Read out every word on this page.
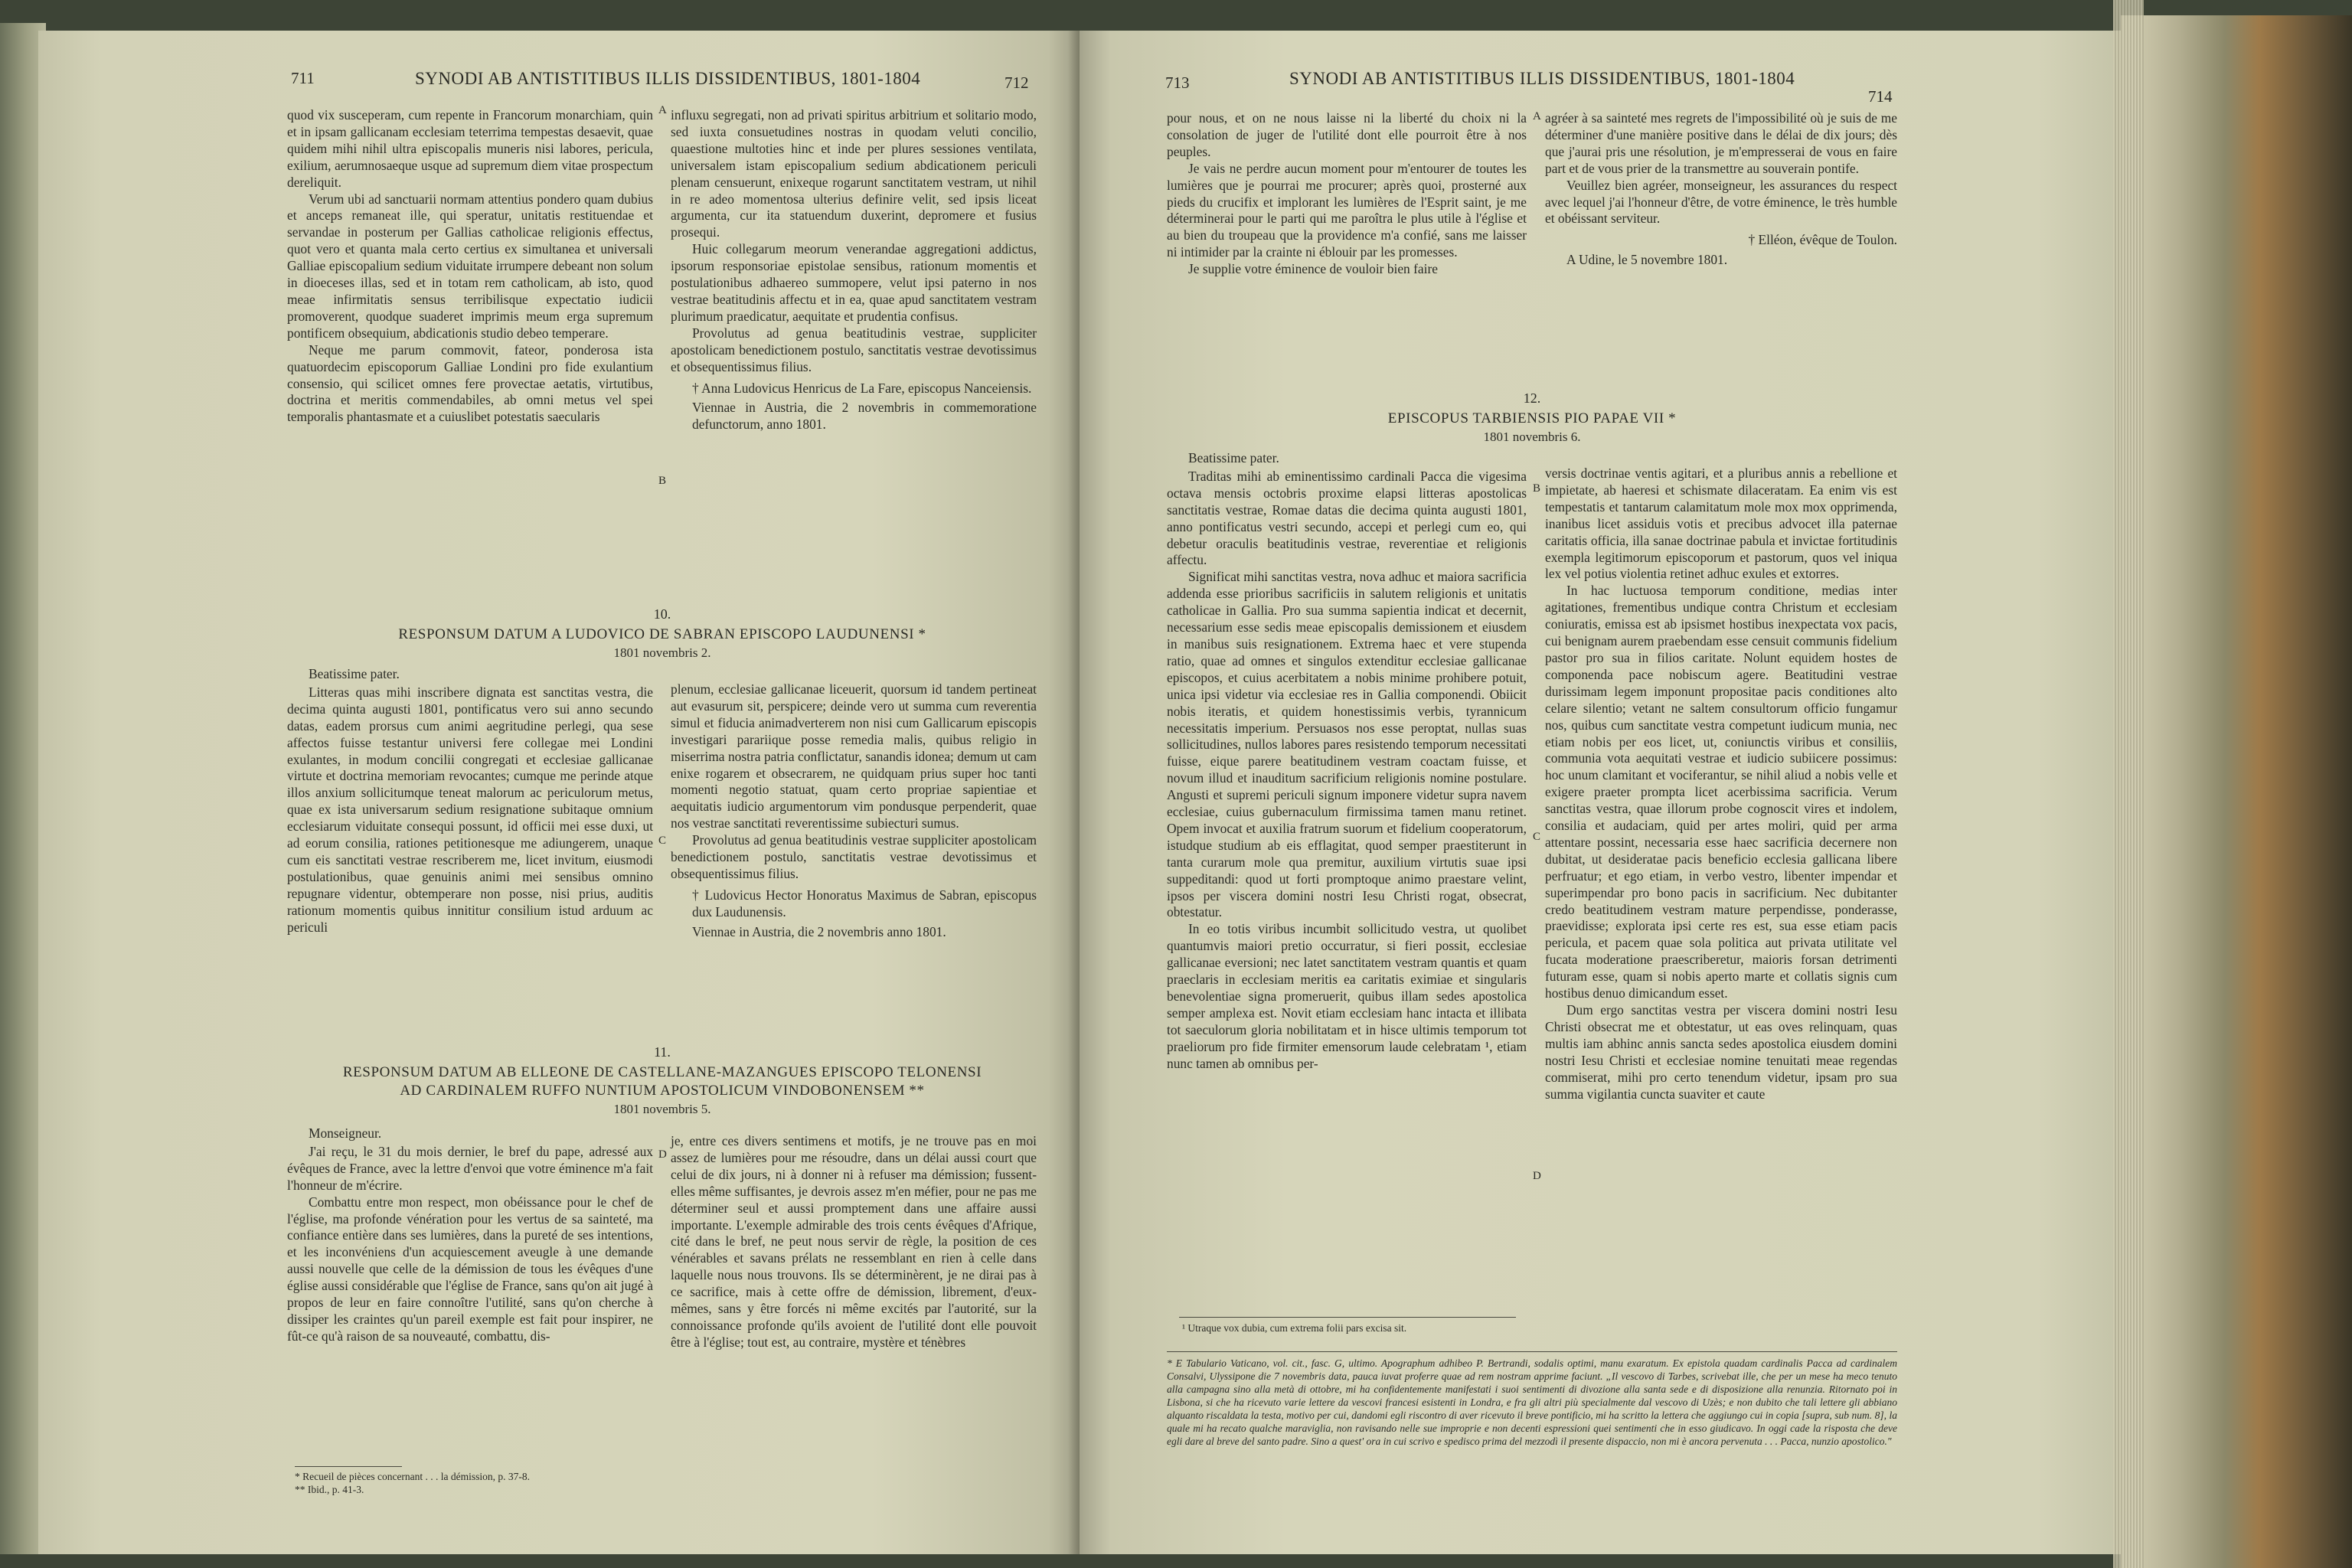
711	SYNODI AB ANTISTITIBUS ILLIS DISSIDENTIBUS, 1801-1804	712

quod vix susceperam, cum repente in Francorum monarchiam, quin et in ipsam gallicanam ecclesiam teterrima tempestas desaevit, quae quidem mihi nihil ultra episcopalis muneris nisi labores, pericula, exilium, aerumnosaeque usque ad supremum diem vitae prospectum dereliquit.

Verum ubi ad sanctuarii normam attentius pondero quam dubius et anceps remaneat ille, qui speratur, unitatis restituendae et servandae in posterum per Gallias catholicae religionis effectus, quot vero et quanta mala certo certius ex simultanea et universali Galliae episcopalium sedium viduitate irrumpere debeant non solum in dioeceses illas, sed et in totam rem catholicam, ab isto, quod meae infirmitatis sensus terribilisque expectatio iudicii promoverent, quodque suaderet imprimis meum erga supremum pontificem obsequium, abdicationis studio debeo temperare.

Neque me parum commovit, fateor, ponderosa ista quatuordecim episcoporum Galliae Londini pro fide exulantium consensio, qui scilicet omnes fere provectae aetatis, virtutibus, doctrina et meritis commendabiles, ab omni metus vel spei temporalis phantasmate et a cuiuslibet potestatis saecularis

A
B

influxu segregati, non ad privati spiritus arbitrium et solitario modo, sed iuxta consuetudines nostras in quodam veluti concilio, quaestione multoties hinc et inde per plures sessiones ventilata, universalem istam episcopalium sedium abdicationem periculi plenam censuerunt, enixeque rogarunt sanctitatem vestram, ut nihil in re adeo momentosa ulterius definire velit, sed ipsis liceat argumenta, cur ita statuendum duxerint, depromere et fusius prosequi.

Huic collegarum meorum venerandae aggregationi addictus, ipsorum responsoriae epistolae sensibus, rationum momentis et postulationibus adhaereo summopere, velut ipsi paterno in nos vestrae beatitudinis affectu et in ea, quae apud sanctitatem vestram plurimum praedicatur, aequitate et prudentia confisus.

Provolutus ad genua beatitudinis vestrae, suppliciter apostolicam benedictionem postulo, sanctitatis vestrae devotissimus et obsequentissimus filius.

† Anna Ludovicus Henricus de La Fare, episcopus Nanceiensis.

Viennae in Austria, die 2 novembris in commemoratione defunctorum, anno 1801.

10.
RESPONSUM DATUM A LUDOVICO DE SABRAN EPISCOPO LAUDUNENSI *
1801 novembris 2.

Beatissime pater.

Litteras quas mihi inscribere dignata est sanctitas vestra, die decima quinta augusti 1801, pontificatus vero sui anno secundo datas, eadem prorsus cum animi aegritudine perlegi, qua sese affectos fuisse testantur universi fere collegae mei Londini exulantes, in modum concilii congregati et ecclesiae gallicanae virtute et doctrina memoriam revocantes; cumque me perinde atque illos anxium sollicitumque teneat malorum ac periculorum metus, quae ex ista universarum sedium resignatione subitaque omnium ecclesiarum viduitate consequi possunt, id officii mei esse duxi, ut ad eorum consilia, rationes petitionesque me adiungerem, unaque cum eis sanctitati vestrae rescriberem me, licet invitum, eiusmodi postulationibus, quae genuinis animi mei sensibus omnino repugnare videntur, obtemperare non posse, nisi prius, auditis rationum momentis quibus innititur consilium istud arduum ac periculi

C

plenum, ecclesiae gallicanae liceuerit, quorsum id tandem pertineat aut evasurum sit, perspicere; deinde vero ut summa cum reverentia simul et fiducia animadverterem non nisi cum Gallicarum episcopis investigari parariique posse remedia malis, quibus religio in miserrima nostra patria conflictatur, sanandis idonea; demum ut cam enixe rogarem et obsecrarem, ne quidquam prius super hoc tanti momenti negotio statuat, quam certo propriae sapientiae et aequitatis iudicio argumentorum vim pondusque perpenderit, quae nos vestrae sanctitati reverentissime subiecturi sumus.

Provolutus ad genua beatitudinis vestrae suppliciter apostolicam benedictionem postulo, sanctitatis vestrae devotissimus et obsequentissimus filius.

† Ludovicus Hector Honoratus Maximus de Sabran, episcopus dux Laudunensis.

Viennae in Austria, die 2 novembris anno 1801.

11.
RESPONSUM DATUM AB ELLEONE DE CASTELLANE-MAZANGUES EPISCOPO TELONENSI
AD CARDINALEM RUFFO NUNTIUM APOSTOLICUM VINDOBONENSEM **
1801 novembris 5.

Monseigneur.

J'ai reçu, le 31 du mois dernier, le bref du pape, adressé aux évêques de France, avec la lettre d'envoi que votre éminence m'a fait l'honneur de m'écrire.

Combattu entre mon respect, mon obéissance pour le chef de l'église, ma profonde vénération pour les vertus de sa sainteté, ma confiance entière dans ses lumières, dans la pureté de ses intentions, et les inconvéniens d'un acquiescement aveugle à une demande aussi nouvelle que celle de la démission de tous les évêques d'une église aussi considérable que l'église de France, sans qu'on ait jugé à propos de leur en faire connoître l'utilité, sans qu'on cherche à dissiper les craintes qu'un pareil exemple est fait pour inspirer, ne fût-ce qu'à raison de sa nouveauté, combattu, dis-

D

je, entre ces divers sentimens et motifs, je ne trouve pas en moi assez de lumières pour me résoudre, dans un délai aussi court que celui de dix jours, ni à donner ni à refuser ma démission; fussent-elles même suffisantes, je devrois assez m'en méfier, pour ne pas me déterminer seul et aussi promptement dans une affaire aussi importante. L'exemple admirable des trois cents évêques d'Afrique, cité dans le bref, ne peut nous servir de règle, la position de ces vénérables et savans prélats ne ressemblant en rien à celle dans laquelle nous nous trouvons. Ils se déterminèrent, je ne dirai pas à ce sacrifice, mais à cette offre de démission, librement, d'eux-mêmes, sans y être forcés ni même excités par l'autorité, sur la connoissance profonde qu'ils avoient de l'utilité dont elle pouvoit être à l'église; tout est, au contraire, mystère et ténèbres

* Recueil de pièces concernant . . . la démission, p. 37-8.
** Ibid., p. 41-3.
713	SYNODI AB ANTISTITIBUS ILLIS DISSIDENTIBUS, 1801-1804
714

pour nous, et on ne nous laisse ni la liberté du choix ni la consolation de juger de l'utilité dont elle pourroit être à nos peuples.

Je vais ne perdre aucun moment pour m'entourer de toutes les lumières que je pourrai me procurer; après quoi, prosterné aux pieds du crucifix et implorant les lumières de l'Esprit saint, je me déterminerai pour le parti qui me paroîtra le plus utile à l'église et au bien du troupeau que la providence m'a confié, sans me laisser ni intimider par la crainte ni éblouir par les promesses.

Je supplie votre éminence de vouloir bien faire

A agréer à sa sainteté mes regrets de l'impossibilité où je suis de me déterminer d'une manière positive dans le délai de dix jours; dès que j'aurai pris une résolution, je m'empresserai de vous en faire part et de vous prier de la transmettre au souverain pontife.

Veuillez bien agréer, monseigneur, les assurances du respect avec lequel j'ai l'honneur d'être, de votre éminence, le très humble et obéissant serviteur.

† Elléon, évêque de Toulon.

A Udine, le 5 novembre 1801.

12.
EPISCOPUS TARBIENSIS PIO PAPAE VII *
1801 novembris 6.

Beatissime pater.

Traditas mihi ab eminentissimo cardinali Pacca die vigesima octava mensis octobris proxime elapsi litteras apostolicas sanctitatis vestrae, Romae datas die decima quinta augusti 1801, anno pontificatus vestri secundo, accepi et perlegi cum eo, qui debetur oraculis beatitudinis vestrae, reverentiae et religionis affectu.

Significat mihi sanctitas vestra, nova adhuc et maiora sacrificia addenda esse prioribus sacrificiis in salutem religionis et unitatis catholicae in Gallia. Pro sua summa sapientia indicat et decernit, necessarium esse sedis meae episcopalis demissionem et eiusdem in manibus suis resignationem. Extrema haec et vere stupenda ratio, quae ad omnes et singulos extenditur ecclesiae gallicanae episcopos, et cuius acerbitatem a nobis minime prohibere potuit, unica ipsi videtur via ecclesiae res in Gallia componendi. Obiicit nobis iteratis, et quidem honestissimis verbis, tyrannicum necessitatis imperium. Persuasos nos esse peroptat, nullas suas sollicitudines, nullos labores pares resistendo temporum necessitati fuisse, eique parere beatitudinem vestram coactam fuisse, et novum illud et inauditum sacrificium religionis nomine postulare. Angusti et supremi periculi signum imponere videtur supra navem ecclesiae, cuius gubernaculum firmissima tamen manu retinet. Opem invocat et auxilia fratrum suorum et fidelium cooperatorum, istudque studium ab eis efflagitat, quod semper praestiterunt in tanta curarum mole qua premitur, auxilium virtutis suae ipsi suppeditandi: quod ut forti promptoque animo praestare velint, ipsos per viscera domini nostri Iesu Christi rogat, obsecrat, obtestatur.

In eo totis viribus incumbit sollicitudo vestra, ut quolibet quantumvis maiori pretio occurratur, si fieri possit, ecclesiae gallicanae eversioni; nec latet sanctitatem vestram quantis et quam praeclaris in ecclesiam meritis ea caritatis eximiae et singularis benevolentiae signa promeruerit, quibus illam sedes apostolica semper amplexa est. Novit etiam ecclesiam hanc intacta et illibata tot saeculorum gloria nobilitatam et in hisce ultimis temporum tot praeliorum pro fide firmiter emensorum laude celebratam ¹, etiam nunc tamen ab omnibus per-

B
C
D

versis doctrinae ventis agitari, et a pluribus annis a rebellione et impietate, ab haeresi et schismate dilaceratam. Ea enim vis est tempestatis et tantarum calamitatum mole mox mox opprimenda, inanibus licet assiduis votis et precibus advocet illa paternae caritatis officia, illa sanae doctrinae pabula et invictae fortitudinis exempla legitimorum episcoporum et pastorum, quos vel iniqua lex vel potius violentia retinet adhuc exules et extorres.

In hac luctuosa temporum conditione, medias inter agitationes, frementibus undique contra Christum et ecclesiam coniuratis, emissa est ab ipsismet hostibus inexpectata vox pacis, cui benignam aurem praebendam esse censuit communis fidelium pastor pro sua in filios caritate. Nolunt equidem hostes de componenda pace nobiscum agere. Beatitudini vestrae durissimam legem imponunt propositae pacis conditiones alto celare silentio; vetant ne saltem consultorum officio fungamur nos, quibus cum sanctitate vestra competunt iudicum munia, nec etiam nobis per eos licet, ut, coniunctis viribus et consiliis, communia vota aequitati vestrae et iudicio subiicere possimus: hoc unum clamitant et vociferantur, se nihil aliud a nobis velle et exigere praeter prompta licet acerbissima sacrificia. Verum sanctitas vestra, quae illorum probe cognoscit vires et indolem, consilia et audaciam, quid per artes moliri, quid per arma attentare possint, necessaria esse haec sacrificia decernere non dubitat, ut desideratae pacis beneficio ecclesia gallicana libere perfruatur; et ego etiam, in verbo vestro, libenter impendar et superimpendar pro bono pacis in sacrificium. Nec dubitanter credo beatitudinem vestram mature perpendisse, ponderasse, praevidisse; explorata ipsi certe res est, sua esse etiam pacis pericula, et pacem quae sola politica aut privata utilitate vel fucata moderatione praescriberetur, maioris forsan detrimenti futuram esse, quam si nobis aperto marte et collatis signis cum hostibus denuo dimicandum esset.

Dum ergo sanctitas vestra per viscera domini nostri Iesu Christi obsecrat me et obtestatur, ut eas oves relinquam, quas multis iam abhinc annis sancta sedes apostolica eiusdem domini nostri Iesu Christi et ecclesiae nomine tenuitati meae regendas commiserat, mihi pro certo tenendum videtur, ipsam pro sua summa vigilantia cuncta suaviter et caute

¹ Utraque vox dubia, cum extrema folii pars excisa sit.
* E Tabulario Vaticano, vol. cit., fasc. G, ultimo. Apographum adhibeo P. Bertrandi, sodalis optimi, manu exaratum. Ex epistola quadam cardinalis Pacca ad cardinalem Consalvi, Ulyssipone die 7 novembris data, pauca iuvat proferre quae ad rem nostram apprime faciunt. „Il vescovo di Tarbes, scrivebat ille, che per un mese ha meco tenuto alla campagna sino alla metà di ottobre, mi ha confidentemente manifestati i suoi sentimenti di divozione alla santa sede e di disposizione alla renunzia. Ritornato poi in Lisbona, si che ha ricevuto varie lettere da vescovi francesi esistenti in Londra, e fra gli altri più specialmente dal vescovo di Uzès; e non dubito che tali lettere gli abbiano alquanto riscaldata la testa, motivo per cui, dandomi egli riscontro di aver ricevuto il breve pontificio, mi ha scritto la lettera che aggiungo cui in copia [supra, sub num. 8], la quale mi ha recato qualche maraviglia, non ravisando nelle sue improprie e non decenti espressioni quei sentimenti che in esso giudicavo. In oggi cade la risposta che deve egli dare al breve del santo padre. Sino a quest' ora in cui scrivo e spedisco prima del mezzodì il presente dispaccio, non mi è ancora pervenuta . . . Pacca, nunzio apostolico."
